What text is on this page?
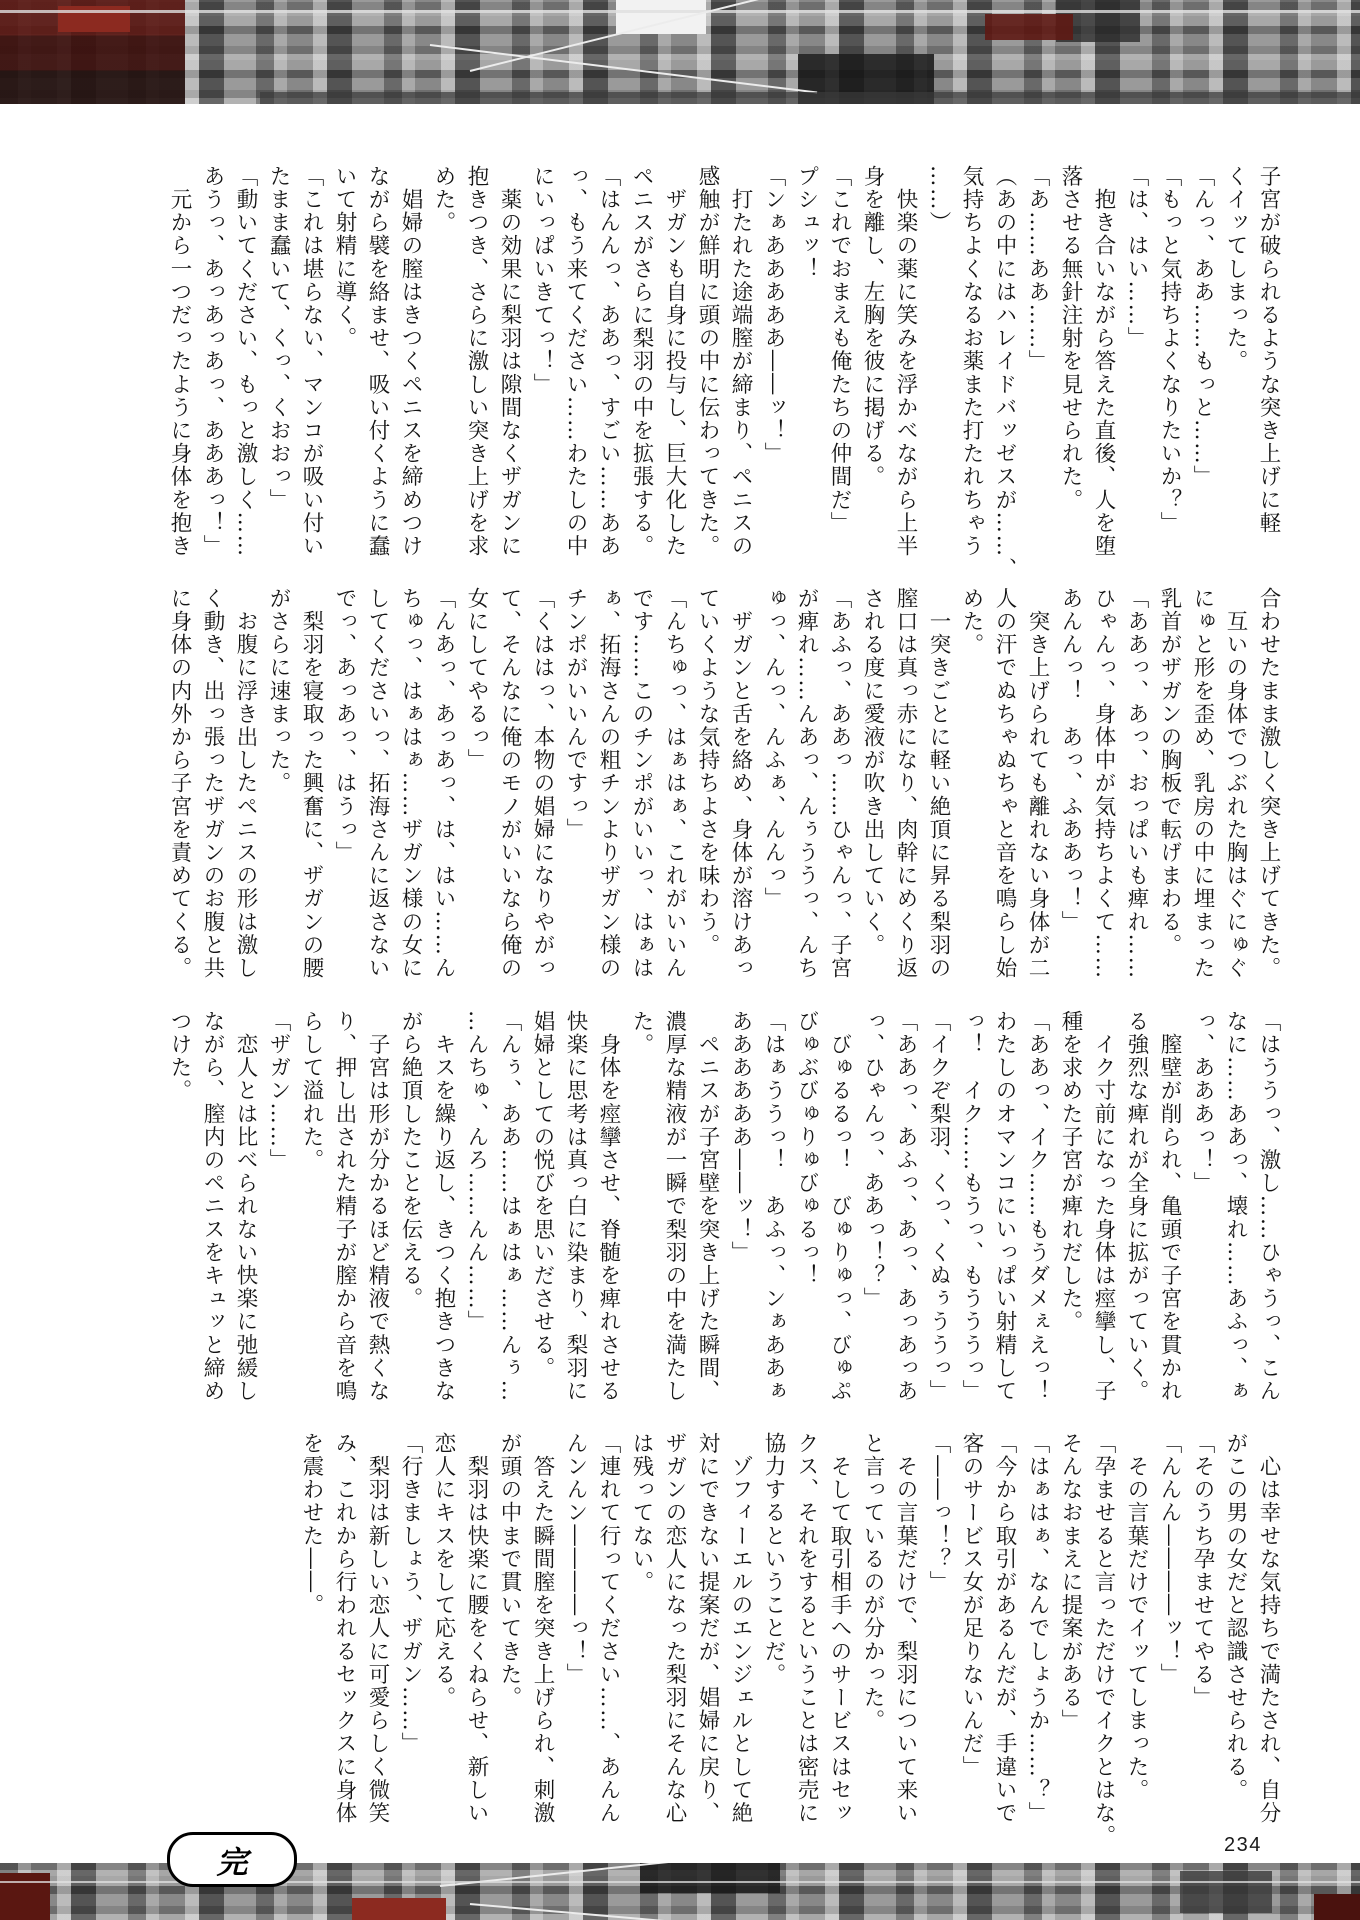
子宮が破られるような突き上げに軽
くイッてしまった。
「んっ、ああ……もっと……」
「もっと気持ちよくなりたいか？」
「は、はい……」
　抱き合いながら答えた直後、人を堕
落させる無針注射を見せられた。
「あ……ああ……」
（あの中にはハレイドバッゼスが……、
気持ちよくなるお薬また打たれちゃう
……）
　快楽の薬に笑みを浮かべながら上半
身を離し、左胸を彼に掲げる。
「これでおまえも俺たちの仲間だ」
プシュッ！
「ンぁあああああ――ッ！」
　打たれた途端膣が締まり、ペニスの
感触が鮮明に頭の中に伝わってきた。
　ザガンも自身に投与し、巨大化した
ペニスがさらに梨羽の中を拡張する。
「はんんっ、ああっ、すごい……ああ
っ、もう来てください……わたしの中
にいっぱいきてっ！」
　薬の効果に梨羽は隙間なくザガンに
抱きつき、さらに激しい突き上げを求
めた。
　娼婦の膣はきつくペニスを締めつけ
ながら襞を絡ませ、吸い付くように蠢
いて射精に導く。
「これは堪らない、マンコが吸い付い
たまま蠢いて、くっ、くおおっ」
「動いてください、もっと激しく……
あうっ、あっあっあっ、あああっ！」
　元から一つだったように身体を抱き
合わせたまま激しく突き上げてきた。
　互いの身体でつぶれた胸はぐにゅぐ
にゅと形を歪め、乳房の中に埋まった
乳首がザガンの胸板で転げまわる。
「ああっ、あっ、おっぱいも痺れ……
ひゃんっ、身体中が気持ちよくて……
あんんっ！　あっ、ふああっ！」
　突き上げられても離れない身体が二
人の汗でぬちゃぬちゃと音を鳴らし始
めた。
　一突きごとに軽い絶頂に昇る梨羽の
膣口は真っ赤になり、肉幹にめくり返
される度に愛液が吹き出していく。
「あふっ、ああっ……ひゃんっ、子宮
が痺れ……んあっ、んぅううっ、んち
ゅっ、んっ、んふぁ、んんっ」
　ザガンと舌を絡め、身体が溶けあっ
ていくような気持ちよさを味わう。
「んちゅっ、はぁはぁ、これがいいん
です……このチンポがいいっ、はぁは
ぁ、拓海さんの粗チンよりザガン様の
チンポがいいんですっ」
「くははっ、本物の娼婦になりやがっ
て、そんなに俺のモノがいいなら俺の
女にしてやるっ」
「んあっ、あっあっ、は、はい……ん
ちゅっ、はぁはぁ……ザガン様の女に
してくださいっ、拓海さんに返さない
でっ、あっあっ、はうっ」
　梨羽を寝取った興奮に、ザガンの腰
がさらに速まった。
　お腹に浮き出したペニスの形は激し
く動き、出っ張ったザガンのお腹と共
に身体の内外から子宮を責めてくる。
「はううっ、激し……ひゃうっ、こん
なに……ああっ、壊れ……あふっ、ぁ
っ、あああっ！」
　膣壁が削られ、亀頭で子宮を貫かれ
る強烈な痺れが全身に拡がっていく。
　イク寸前になった身体は痙攣し、子
種を求めた子宮が痺れだした。
「ああっ、イク……もうダメぇえっ！
わたしのオマンコにいっぱい射精して
っ！　イク……もうっ、もうううっ」
「イクぞ梨羽、くっ、くぬぅううっ」
「ああっ、あふっ、あっ、あっあっあ
っ、ひゃんっ、ああっ！？」
　びゅるるっ！　びゅりゅっ、びゅぷ
びゅぶびゅりゅびゅるっ！
「はぁううっ！　あふっ、ンぁああぁ
ああああああ――ッ！」
　ペニスが子宮壁を突き上げた瞬間、
濃厚な精液が一瞬で梨羽の中を満たし
た。
　身体を痙攣させ、脊髄を痺れさせる
快楽に思考は真っ白に染まり、梨羽に
娼婦としての悦びを思いださせる。
「んぅ、ああ……はぁはぁ……んぅ…
…んちゅ、んろ……んん……」
　キスを繰り返し、きつく抱きつきな
がら絶頂したことを伝える。
　子宮は形が分かるほど精液で熱くな
り、押し出された精子が膣から音を鳴
らして溢れた。
「ザガン……」
　恋人とは比べられない快楽に弛緩し
ながら、膣内のペニスをキュッと締め
つけた。
　心は幸せな気持ちで満たされ、自分
がこの男の女だと認識させられる。
「そのうち孕ませてやる」
「んんん――――ッ！」
　その言葉だけでイッてしまった。
「孕ませると言っただけでイクとはな。
そんなおまえに提案がある」
「はぁはぁ、なんでしょうか……？」
「今から取引があるんだが、手違いで
客のサービス女が足りないんだ」
「――っ！？」
　その言葉だけで、梨羽について来い
と言っているのが分かった。
　そして取引相手へのサービスはセッ
クス、それをするということは密売に
協力するということだ。
　ゾフィーエルのエンジェルとして絶
対にできない提案だが、娼婦に戻り、
ザガンの恋人になった梨羽にそんな心
は残ってない。
「連れて行ってください……、あんん
んンんン――――っ！」
　答えた瞬間膣を突き上げられ、刺激
が頭の中まで貫いてきた。
　梨羽は快楽に腰をくねらせ、新しい
恋人にキスをして応える。
「行きましょう、ザガン……」
　梨羽は新しい恋人に可愛らしく微笑
み、これから行われるセックスに身体
を震わせた――。
完	234
